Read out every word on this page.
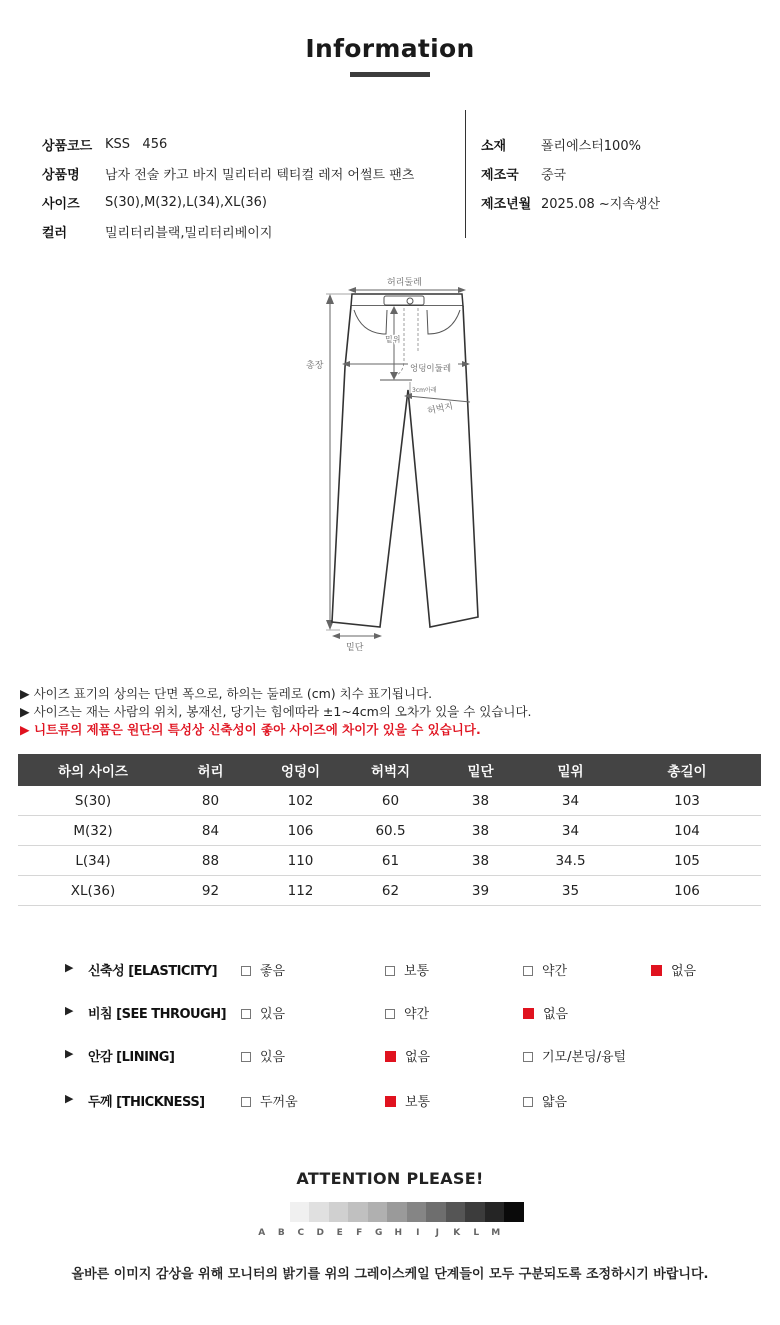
Information
상품코드 KSS   456
상품명	남자 전술 카고 바지 밀리터리 텍티컬 레저 어썰트 팬츠
사이즈	S(30),M(32),L(34),XL(36)
컬러	밀리터리블랙,밀리터리베이지
소재	폴리에스터100%
제조국	중국
제조년월 2025.08 ~지속생산
총장
허리둘레
밑위
엉덩이둘레
3cm아래
허벅지
밑단
▶ 사이즈 표기의 상의는 단면 폭으로, 하의는 둘레로 (cm) 치수 표기됩니다.
▶ 사이즈는 재는 사람의 위치, 봉재선, 당기는 힘에따라 ±1~4cm의 오차가 있을 수 있습니다.
▶ 니트류의 제품은 원단의 특성상 신축성이 좋아 사이즈에 차이가 있을 수 있습니다.
하의 사이즈	허리	엉덩이	허벅지	밑단	밑위	총길이
S(30)	80	102	60	38	34	103
M(32)	84	106	60.5	38	34	104
L(34)	88	110	61	38	34.5	105
XL(36)	92	112	62	39	35	106
▶ 신축성 [ELASTICITY]	좋음	보통	약간	없음
▶ 비침 [SEE THROUGH]	있음	약간	없음
▶ 안감 [LINING]	있음	없음	기모/본딩/융털
▶ 두께 [THICKNESS]	두꺼움	보통	얇음
ATTENTION PLEASE!
A	B	C	D	E	F	G	H	I	J	K	L	M
올바른 이미지 감상을 위해 모니터의 밝기를 위의 그레이스케일 단계들이 모두 구분되도록 조정하시기 바랍니다.
